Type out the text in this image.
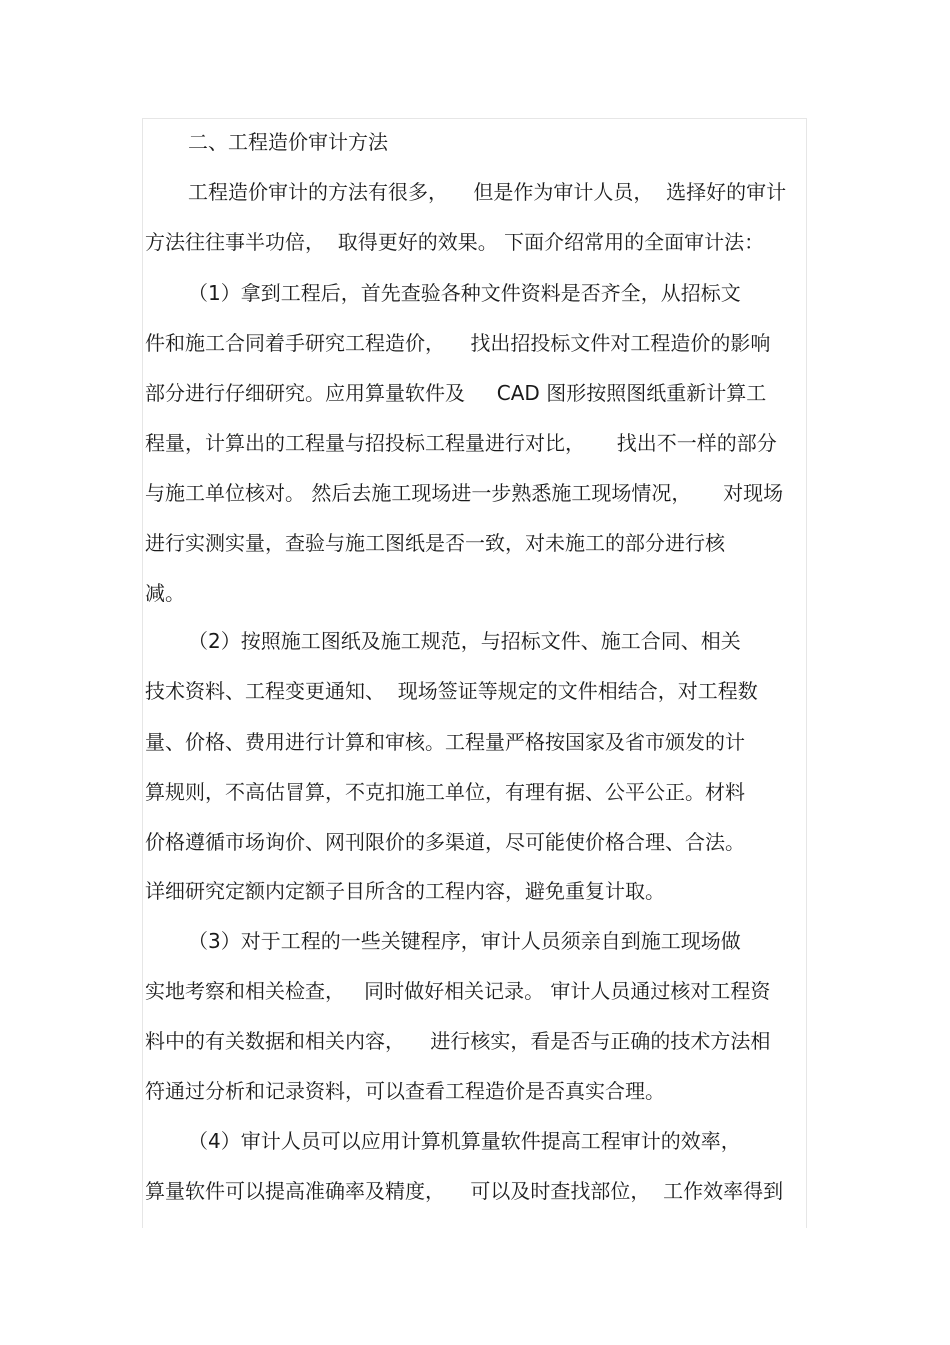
二、工程造价审计方法
工程造价审计的方法有很多，    但是作为审计人员，  选择好的审计
方法往往事半功倍，  取得更好的效果。 下面介绍常用的全面审计法：
（1）拿到工程后，首先查验各种文件资料是否齐全，从招标文
件和施工合同着手研究工程造价，    找出招投标文件对工程造价的影响
部分进行仔细研究。应用算量软件及     CAD 图形按照图纸重新计算工
程量，计算出的工程量与招投标工程量进行对比，     找出不一样的部分
与施工单位核对。 然后去施工现场进一步熟悉施工现场情况，     对现场
进行实测实量，查验与施工图纸是否一致，对未施工的部分进行核
减。
（2）按照施工图纸及施工规范，与招标文件、施工合同、相关
技术资料、工程变更通知、  现场签证等规定的文件相结合，对工程数
量、价格、费用进行计算和审核。工程量严格按国家及省市颁发的计
算规则，不高估冒算，不克扣施工单位，有理有据、公平公正。材料
价格遵循市场询价、网刊限价的多渠道，尽可能使价格合理、合法。
详细研究定额内定额子目所含的工程内容，避免重复计取。
（3）对于工程的一些关键程序，审计人员须亲自到施工现场做
实地考察和相关检查，   同时做好相关记录。 审计人员通过核对工程资
料中的有关数据和相关内容，    进行核实，看是否与正确的技术方法相
符通过分析和记录资料，可以查看工程造价是否真实合理。
（4）审计人员可以应用计算机算量软件提高工程审计的效率，
算量软件可以提高准确率及精度，    可以及时查找部位，  工作效率得到
